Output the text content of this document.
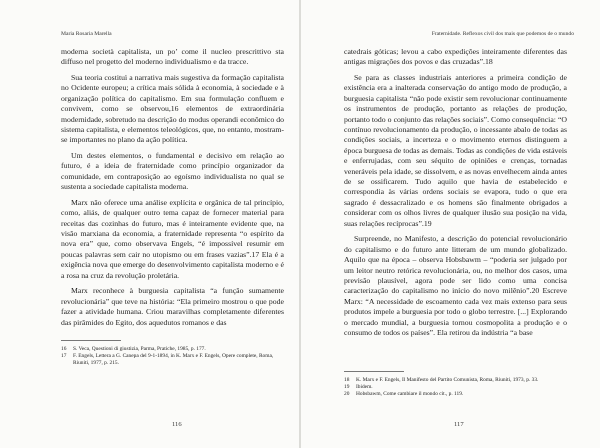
Maria Rosaria Marella

moderna società capitalista, un po’ come il nucleo prescrittivo sta diffuso nel progetto del moderno individualismo e da tracce.

Sua teoria costituì a narrativa mais sugestiva da formação capitalista no Ocidente europeu; a crítica mais sólida à economia, à sociedade e à organização política do capitalismo. Em sua formulação confluem e convivem, como se observou,16 elementos de extraordinária modernidade, sobretudo na descrição do modus operandi econômico do sistema capitalista, e elementos teleológicos, que, no entanto, mostram-se importantes no plano da ação política.

Um destes elementos, o fundamental e decisivo em relação ao futuro, é a ideia de fraternidade como princípio organizador da comunidade, em contraposição ao egoísmo individualista no qual se sustenta a sociedade capitalista moderna.

Marx não oferece uma análise explícita e orgânica de tal princípio, como, aliás, de qualquer outro tema capaz de fornecer material para receitas das cozinhas do futuro, mas é inteiramente evidente que, na visão marxiana da economia, a fraternidade representa “o espírito da nova era” que, como observava Engels, “é impossível resumir em poucas palavras sem cair no utopismo ou em frases vazias”.17 Ela é a exigência nova que emerge do desenvolvimento capitalista moderno e é a rosa na cruz da revolução proletária.

Marx reconhece à burguesia capitalista “a função sumamente revolucionária” que teve na história: “Ela primeiro mostrou o que pode fazer a atividade humana. Criou maravilhas completamente diferentes das pirâmides do Egito, dos aquedutos romanos e das

16	S. Veca, Questioni di giustizia, Parma, Pratiche, 1985, p. 177.
17	F. Engels, Lettera a G. Canepa del 9-1-1894, in K. Marx e F. Engels, Opere complete, Roma, Riuniti, 1977, p. 215.
116
Fraternidade. Reflexos civil dos mais que podemos de o mundo

catedrais góticas; levou a cabo expedições inteiramente diferentes das antigas migrações dos povos e das cruzadas”.18

Se para as classes industriais anteriores a primeira condição de existência era a inalterada conservação do antigo modo de produção, a burguesia capitalista “não pode existir sem revolucionar continuamente os instrumentos de produção, portanto as relações de produção, portanto todo o conjunto das relações sociais”. Como consequência: “O contínuo revolucionamento da produção, o incessante abalo de todas as condições sociais, a incerteza e o movimento eternos distinguem a época burguesa de todas as demais. Todas as condições de vida estáveis e enferrujadas, com seu séquito de opiniões e crenças, tornadas veneráveis pela idade, se dissolvem, e as novas envelhecem ainda antes de se ossificarem. Tudo aquilo que havia de estabelecido e correspondia às várias ordens sociais se evapora, tudo o que era sagrado é dessacralizado e os homens são finalmente obrigados a considerar com os olhos livres de qualquer ilusão sua posição na vida, suas relações recíprocas”.19

Surpreende, no Manifesto, a descrição do potencial revolucionário do capitalismo e do futuro ante litteram de um mundo globalizado. Aquilo que na época – observa Hobsbawm – “poderia ser julgado por um leitor neutro retórica revolucionária, ou, no melhor dos casos, uma previsão plausível, agora pode ser lido como uma concisa caracterização do capitalismo no início do novo milênio”.20 Escreve Marx: “A necessidade de escoamento cada vez mais extenso para seus produtos impele a burguesia por todo o globo terrestre. [...] Explorando o mercado mundial, a burguesia tornou cosmopolita a produção e o consumo de todos os países”. Ela retirou da indústria “a base

18	K. Marx e F. Engels, Il Manifesto del Partito Comunista, Roma, Riuniti, 1973, p. 33.
19	Ibidem.
20	Hobsbawm, Come cambiare il mondo cit., p. 119.
117
